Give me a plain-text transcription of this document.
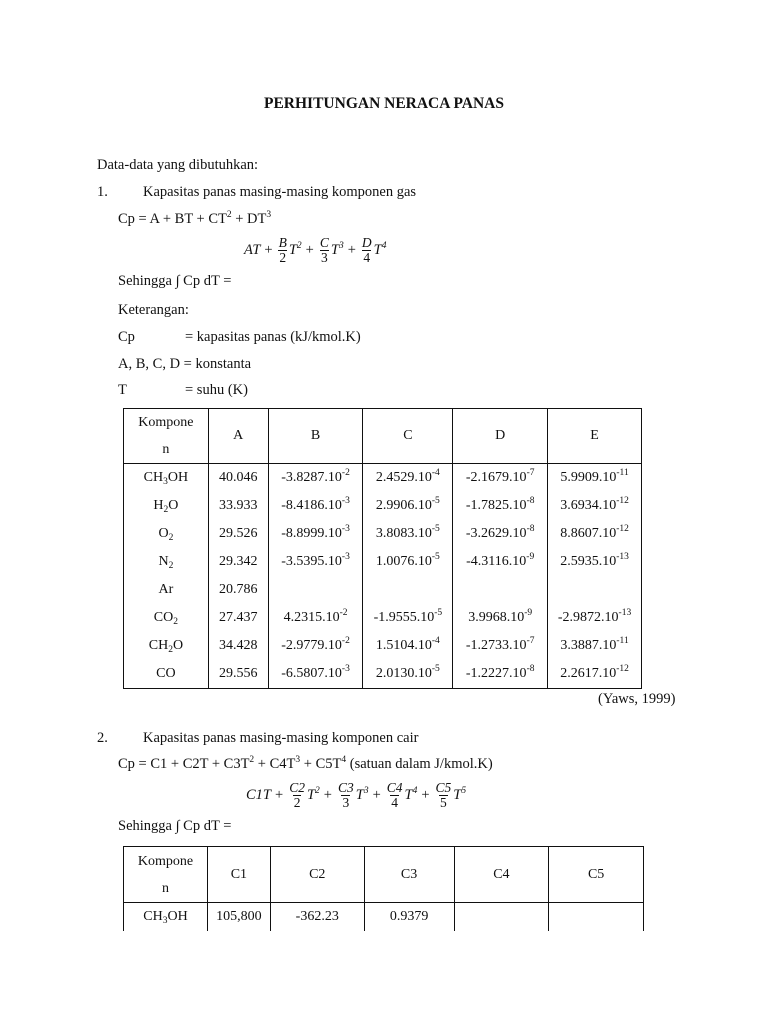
PERHITUNGAN NERACA PANAS
Data-data yang dibutuhkan:
1. Kapasitas panas masing-masing komponen gas
Cp = A + BT + $CT^2 + DT^3$
AT + $\frac{B}{2} T^2 + \frac{C}{3} T^3 + \frac{D}{4} T^4$
Sehingga ∫ Cp dT =
Keterangan:
Cp	= kapasitas panas (kJ/kmol.K)
A, B, C, D = konstanta
T	= suhu (K)
Kompone
n	A	B	C	D	E
$CH_3OH$	40.046	$-3.8287.10^{-2}$	$2.4529.10^{-4}$	$-2.1679.10^{-7}$	$5.9909.10^{-11}$
$H_2O$	33.933	$-8.4186.10^{-3}$	$2.9906.10^{-5}$	$-1.7825.10^{-8}$	$3.6934.10^{-12}$
$O_2$	29.526	$-8.8999.10^{-3}$	$3.8083.10^{-5}$	$-3.2629.10^{-8}$	$8.8607.10^{-12}$
$N_2$	29.342	$-3.5395.10^{-3}$	$1.0076.10^{-5}$	$-4.3116.10^{-9}$	$2.5935.10^{-13}$
Ar	20.786				
$CO_2$	27.437	$4.2315.10^{-2}$	$-1.9555.10^{-5}$	$3.9968.10^{-9}$	$-2.9872.10^{-13}$
$CH_2O$	34.428	$-2.9779.10^{-2}$	$1.5104.10^{-4}$	$-1.2733.10^{-7}$	$3.3887.10^{-11}$
CO	29.556	$-6.5807.10^{-3}$	$2.0130.10^{-5}$	$-1.2227.10^{-8}$	$2.2617.10^{-12}$
(Yaws, 1999)
2. Kapasitas panas masing-masing komponen cair
$Cp = C1 + C2T + C3T^2 + C4T^3 + C5T^4$ (satuan dalam J/kmol.K)
$C1T + \frac{C2}{2} T^2 + \frac{C3}{3} T^3 + \frac{C4}{4} T^4 + \frac{C5}{5} T^5$
Sehingga ∫ Cp dT =
Kompone
n	C1	C2	C3	C4	C5
$CH_3OH$	105,800	-362.23	0.9379		
